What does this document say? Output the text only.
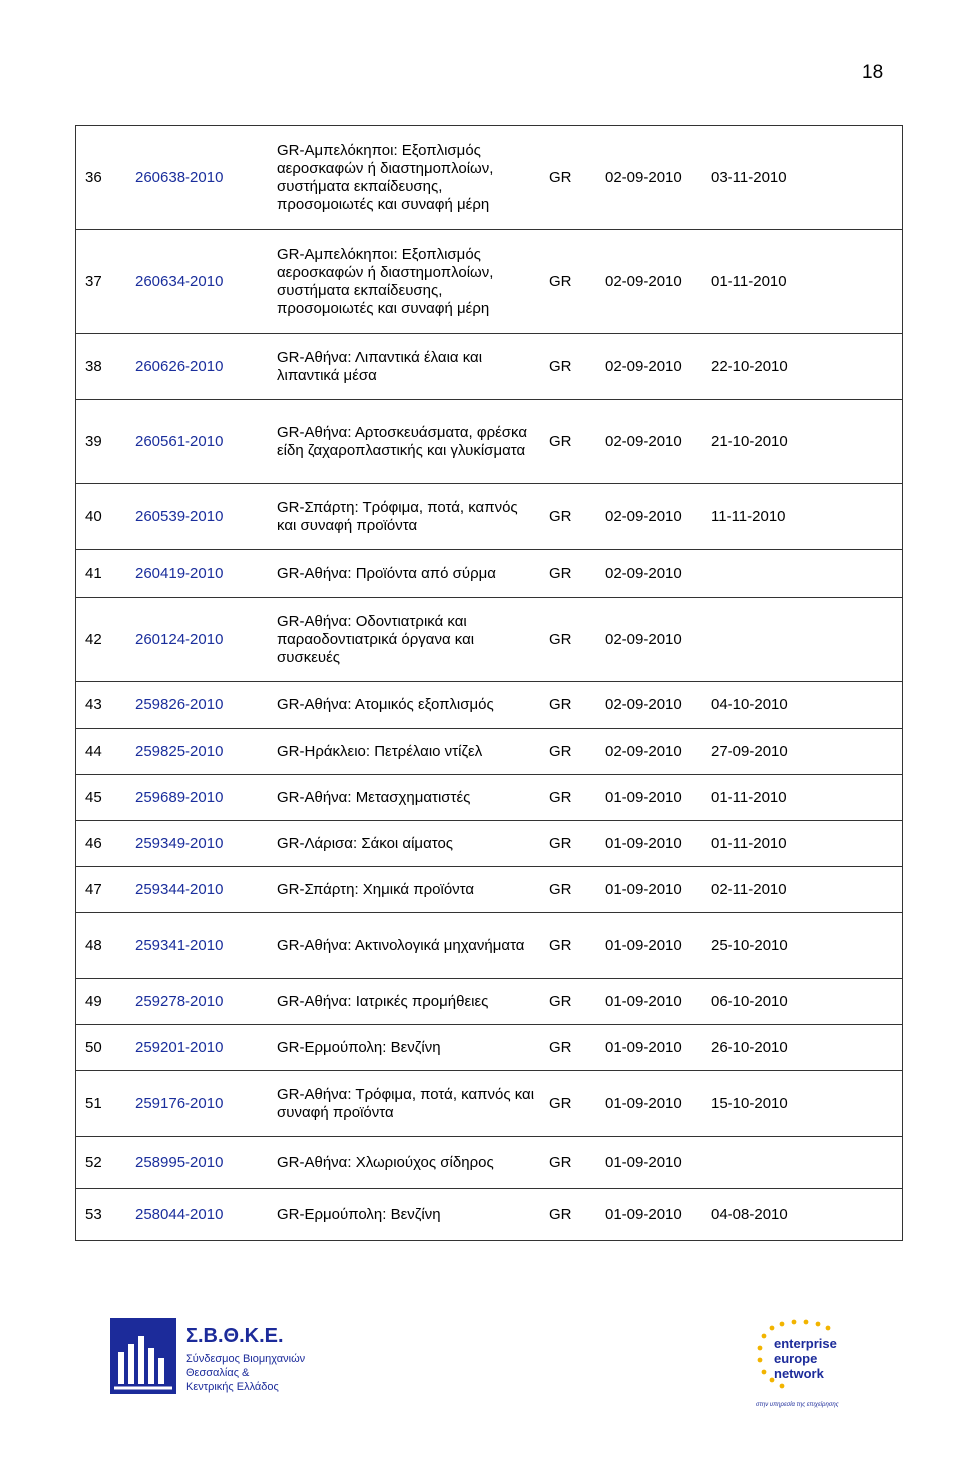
18
36	260638-2010	GR-Αμπελόκηποι: Εξοπλισμός αεροσκαφών ή διαστημοπλοίων, συστήματα εκπαίδευσης, προσομοιωτές και συναφή μέρη	GR	02-09-2010	03-11-2010
37	260634-2010	GR-Αμπελόκηποι: Εξοπλισμός αεροσκαφών ή διαστημοπλοίων, συστήματα εκπαίδευσης, προσομοιωτές και συναφή μέρη	GR	02-09-2010	01-11-2010
38	260626-2010	GR-Αθήνα: Λιπαντικά έλαια και λιπαντικά μέσα	GR	02-09-2010	22-10-2010
39	260561-2010	GR-Αθήνα: Αρτοσκευάσματα, φρέσκα είδη ζαχαροπλαστικής και γλυκίσματα	GR	02-09-2010	21-10-2010
40	260539-2010	GR-Σπάρτη: Τρόφιμα, ποτά, καπνός και συναφή προϊόντα	GR	02-09-2010	11-11-2010
41	260419-2010	GR-Αθήνα: Προϊόντα από σύρμα	GR	02-09-2010	
42	260124-2010	GR-Αθήνα: Οδοντιατρικά και παραοδοντιατρικά όργανα και συσκευές	GR	02-09-2010	
43	259826-2010	GR-Αθήνα: Ατομικός εξοπλισμός	GR	02-09-2010	04-10-2010
44	259825-2010	GR-Ηράκλειο: Πετρέλαιο ντίζελ	GR	02-09-2010	27-09-2010
45	259689-2010	GR-Αθήνα: Μετασχηματιστές	GR	01-09-2010	01-11-2010
46	259349-2010	GR-Λάρισα: Σάκοι αίματος	GR	01-09-2010	01-11-2010
47	259344-2010	GR-Σπάρτη: Χημικά προϊόντα	GR	01-09-2010	02-11-2010
48	259341-2010	GR-Αθήνα: Ακτινολογικά μηχανήματα	GR	01-09-2010	25-10-2010
49	259278-2010	GR-Αθήνα: Ιατρικές προμήθειες	GR	01-09-2010	06-10-2010
50	259201-2010	GR-Ερμούπολη: Βενζίνη	GR	01-09-2010	26-10-2010
51	259176-2010	GR-Αθήνα: Τρόφιμα, ποτά, καπνός και συναφή προϊόντα	GR	01-09-2010	15-10-2010
52	258995-2010	GR-Αθήνα: Χλωριούχος σίδηρος	GR	01-09-2010	
53	258044-2010	GR-Ερμούπολη: Βενζίνη	GR	01-09-2010	04-08-2010
Σ.Β.Θ.Κ.Ε.
Σύνδεσμος Βιομηχανιών
Θεσσαλίας &
Κεντρικής Ελλάδος
enterprise
europe
network
στην υπηρεσία της επιχείρησης
